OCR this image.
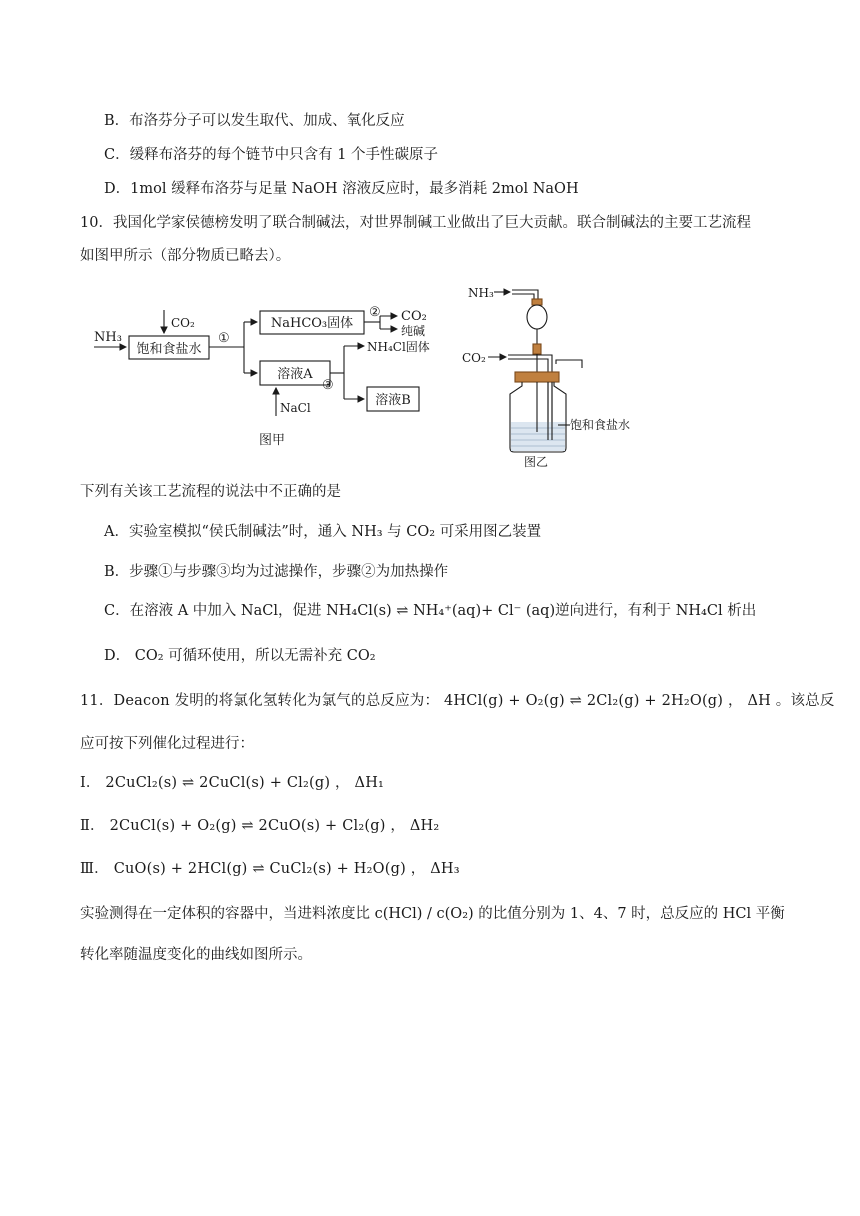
B．布洛芬分子可以发生取代、加成、氧化反应
C．缓释布洛芬的每个链节中只含有 1 个手性碳原子
D．1mol 缓释布洛芬与足量 NaOH 溶液反应时，最多消耗 2mol NaOH
10．我国化学家侯德榜发明了联合制碱法，对世界制碱工业做出了巨大贡献。联合制碱法的主要工艺流程
如图甲所示（部分物质已略去）。
NH₃
CO₂
饱和食盐水
①
NaHCO₃固体
② CO₂
纯碱
NH₄Cl固体
溶液A
③
溶液B
NaCl
图甲
NH₃
CO₂
饱和食盐水
图乙
下列有关该工艺流程的说法中不正确的是
A．实验室模拟“侯氏制碱法”时，通入 NH₃ 与 CO₂ 可采用图乙装置
B．步骤①与步骤③均为过滤操作，步骤②为加热操作
C．在溶液 A 中加入 NaCl，促进 NH₄Cl(s) ⇌ NH₄⁺(aq)+ Cl⁻ (aq)逆向进行，有利于 NH₄Cl 析出
D． CO₂ 可循环使用，所以无需补充 CO₂
11．Deacon 发明的将氯化氢转化为氯气的总反应为： 4HCl(g) + O₂(g) ⇌ 2Cl₂(g) + 2H₂O(g) ， ΔH 。该总反
应可按下列催化过程进行：
Ⅰ． 2CuCl₂(s) ⇌ 2CuCl(s) + Cl₂(g) ， ΔH₁
Ⅱ． 2CuCl(s) + O₂(g) ⇌ 2CuO(s) + Cl₂(g) ， ΔH₂
Ⅲ． CuO(s) + 2HCl(g) ⇌ CuCl₂(s) + H₂O(g) ， ΔH₃
实验测得在一定体积的容器中，当进料浓度比 c(HCl) / c(O₂) 的比值分别为 1、4、7 时，总反应的 HCl 平衡
转化率随温度变化的曲线如图所示。
